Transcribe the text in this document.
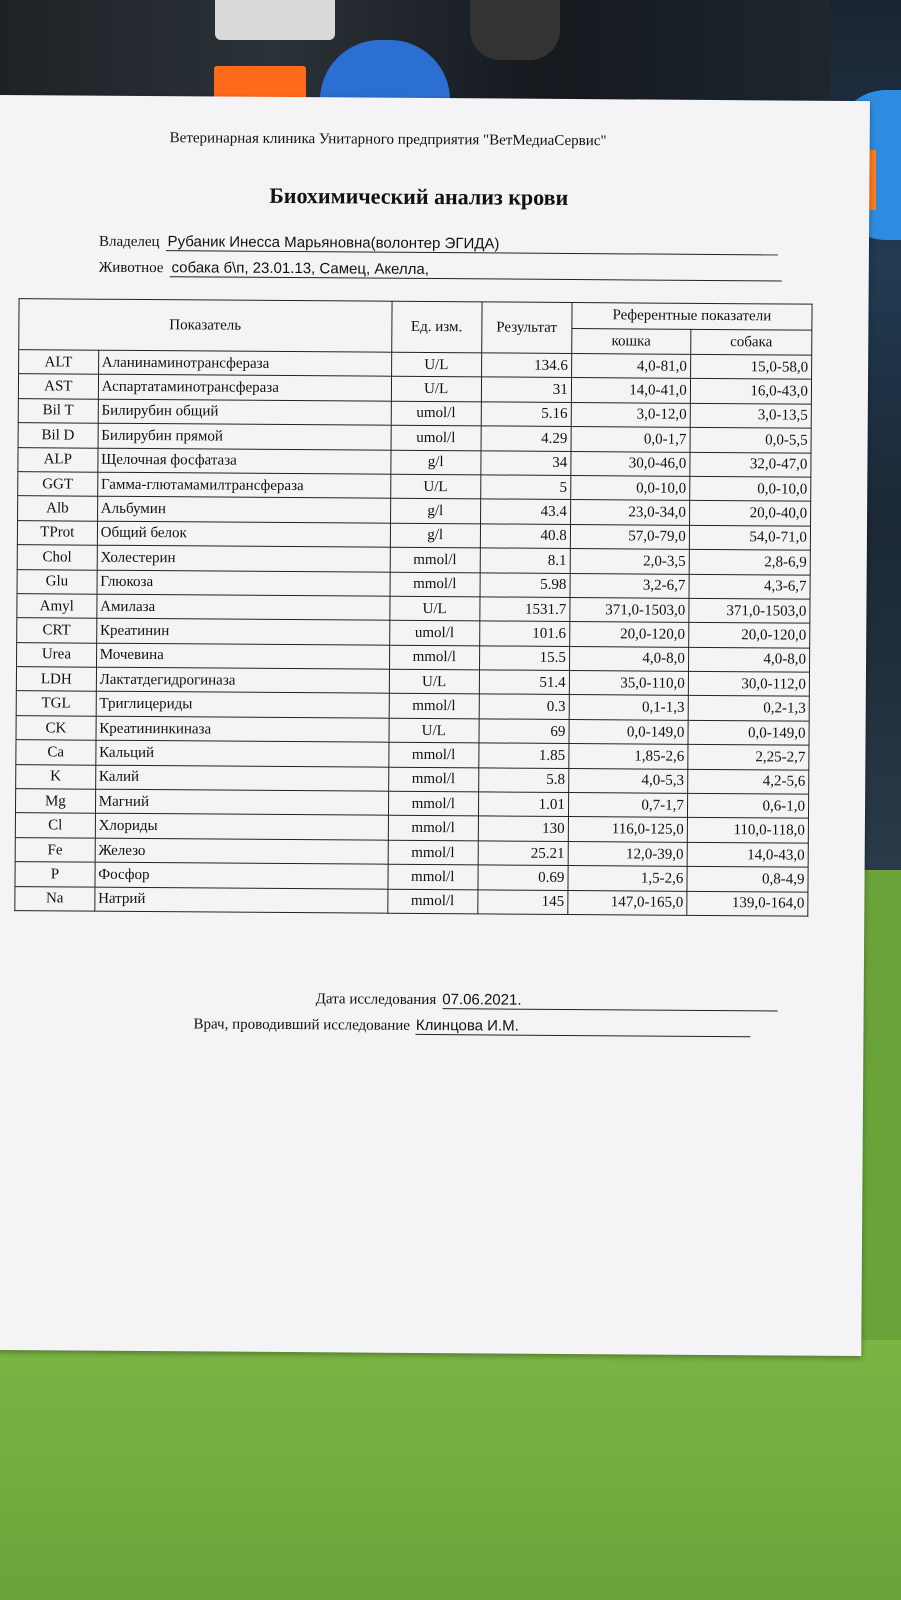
Ветеринарная клиника Унитарного предприятия "ВетМедиаСервис"
Биохимический анализ крови
Владелец Рубаник Инесса Марьяновна(волонтер ЭГИДА)
Животное собака б\п, 23.01.13, Самец, Акелла,
Показатель		Ед. изм.	Результат	Референтные показатели	
				кошка	собака
ALT	Аланинаминотрансфераза	U/L	134.6	4,0-81,0	15,0-58,0
AST	Аспартатаминотрансфераза	U/L	31	14,0-41,0	16,0-43,0
Bil T	Билирубин общий	umol/l	5.16	3,0-12,0	3,0-13,5
Bil D	Билирубин прямой	umol/l	4.29	0,0-1,7	0,0-5,5
ALP	Щелочная фосфатаза	g/l	34	30,0-46,0	32,0-47,0
GGT	Гамма-глютамамилтрансфераза	U/L	5	0,0-10,0	0,0-10,0
Alb	Альбумин	g/l	43.4	23,0-34,0	20,0-40,0
TProt	Общий белок	g/l	40.8	57,0-79,0	54,0-71,0
Chol	Холестерин	mmol/l	8.1	2,0-3,5	2,8-6,9
Glu	Глюкоза	mmol/l	5.98	3,2-6,7	4,3-6,7
Amyl	Амилаза	U/L	1531.7	371,0-1503,0	371,0-1503,0
CRT	Креатинин	umol/l	101.6	20,0-120,0	20,0-120,0
Urea	Мочевина	mmol/l	15.5	4,0-8,0	4,0-8,0
LDH	Лактатдегидрогиназа	U/L	51.4	35,0-110,0	30,0-112,0
TGL	Триглицериды	mmol/l	0.3	0,1-1,3	0,2-1,3
CK	Креатининкиназа	U/L	69	0,0-149,0	0,0-149,0
Ca	Кальций	mmol/l	1.85	1,85-2,6	2,25-2,7
K	Калий	mmol/l	5.8	4,0-5,3	4,2-5,6
Mg	Магний	mmol/l	1.01	0,7-1,7	0,6-1,0
Cl	Хлориды	mmol/l	130	116,0-125,0	110,0-118,0
Fe	Железо	mmol/l	25.21	12,0-39,0	14,0-43,0
P	Фосфор	mmol/l	0.69	1,5-2,6	0,8-4,9
Na	Натрий	mmol/l	145	147,0-165,0	139,0-164,0
Дата исследования 07.06.2021.
Врач, проводивший исследование Клинцова И.М.
